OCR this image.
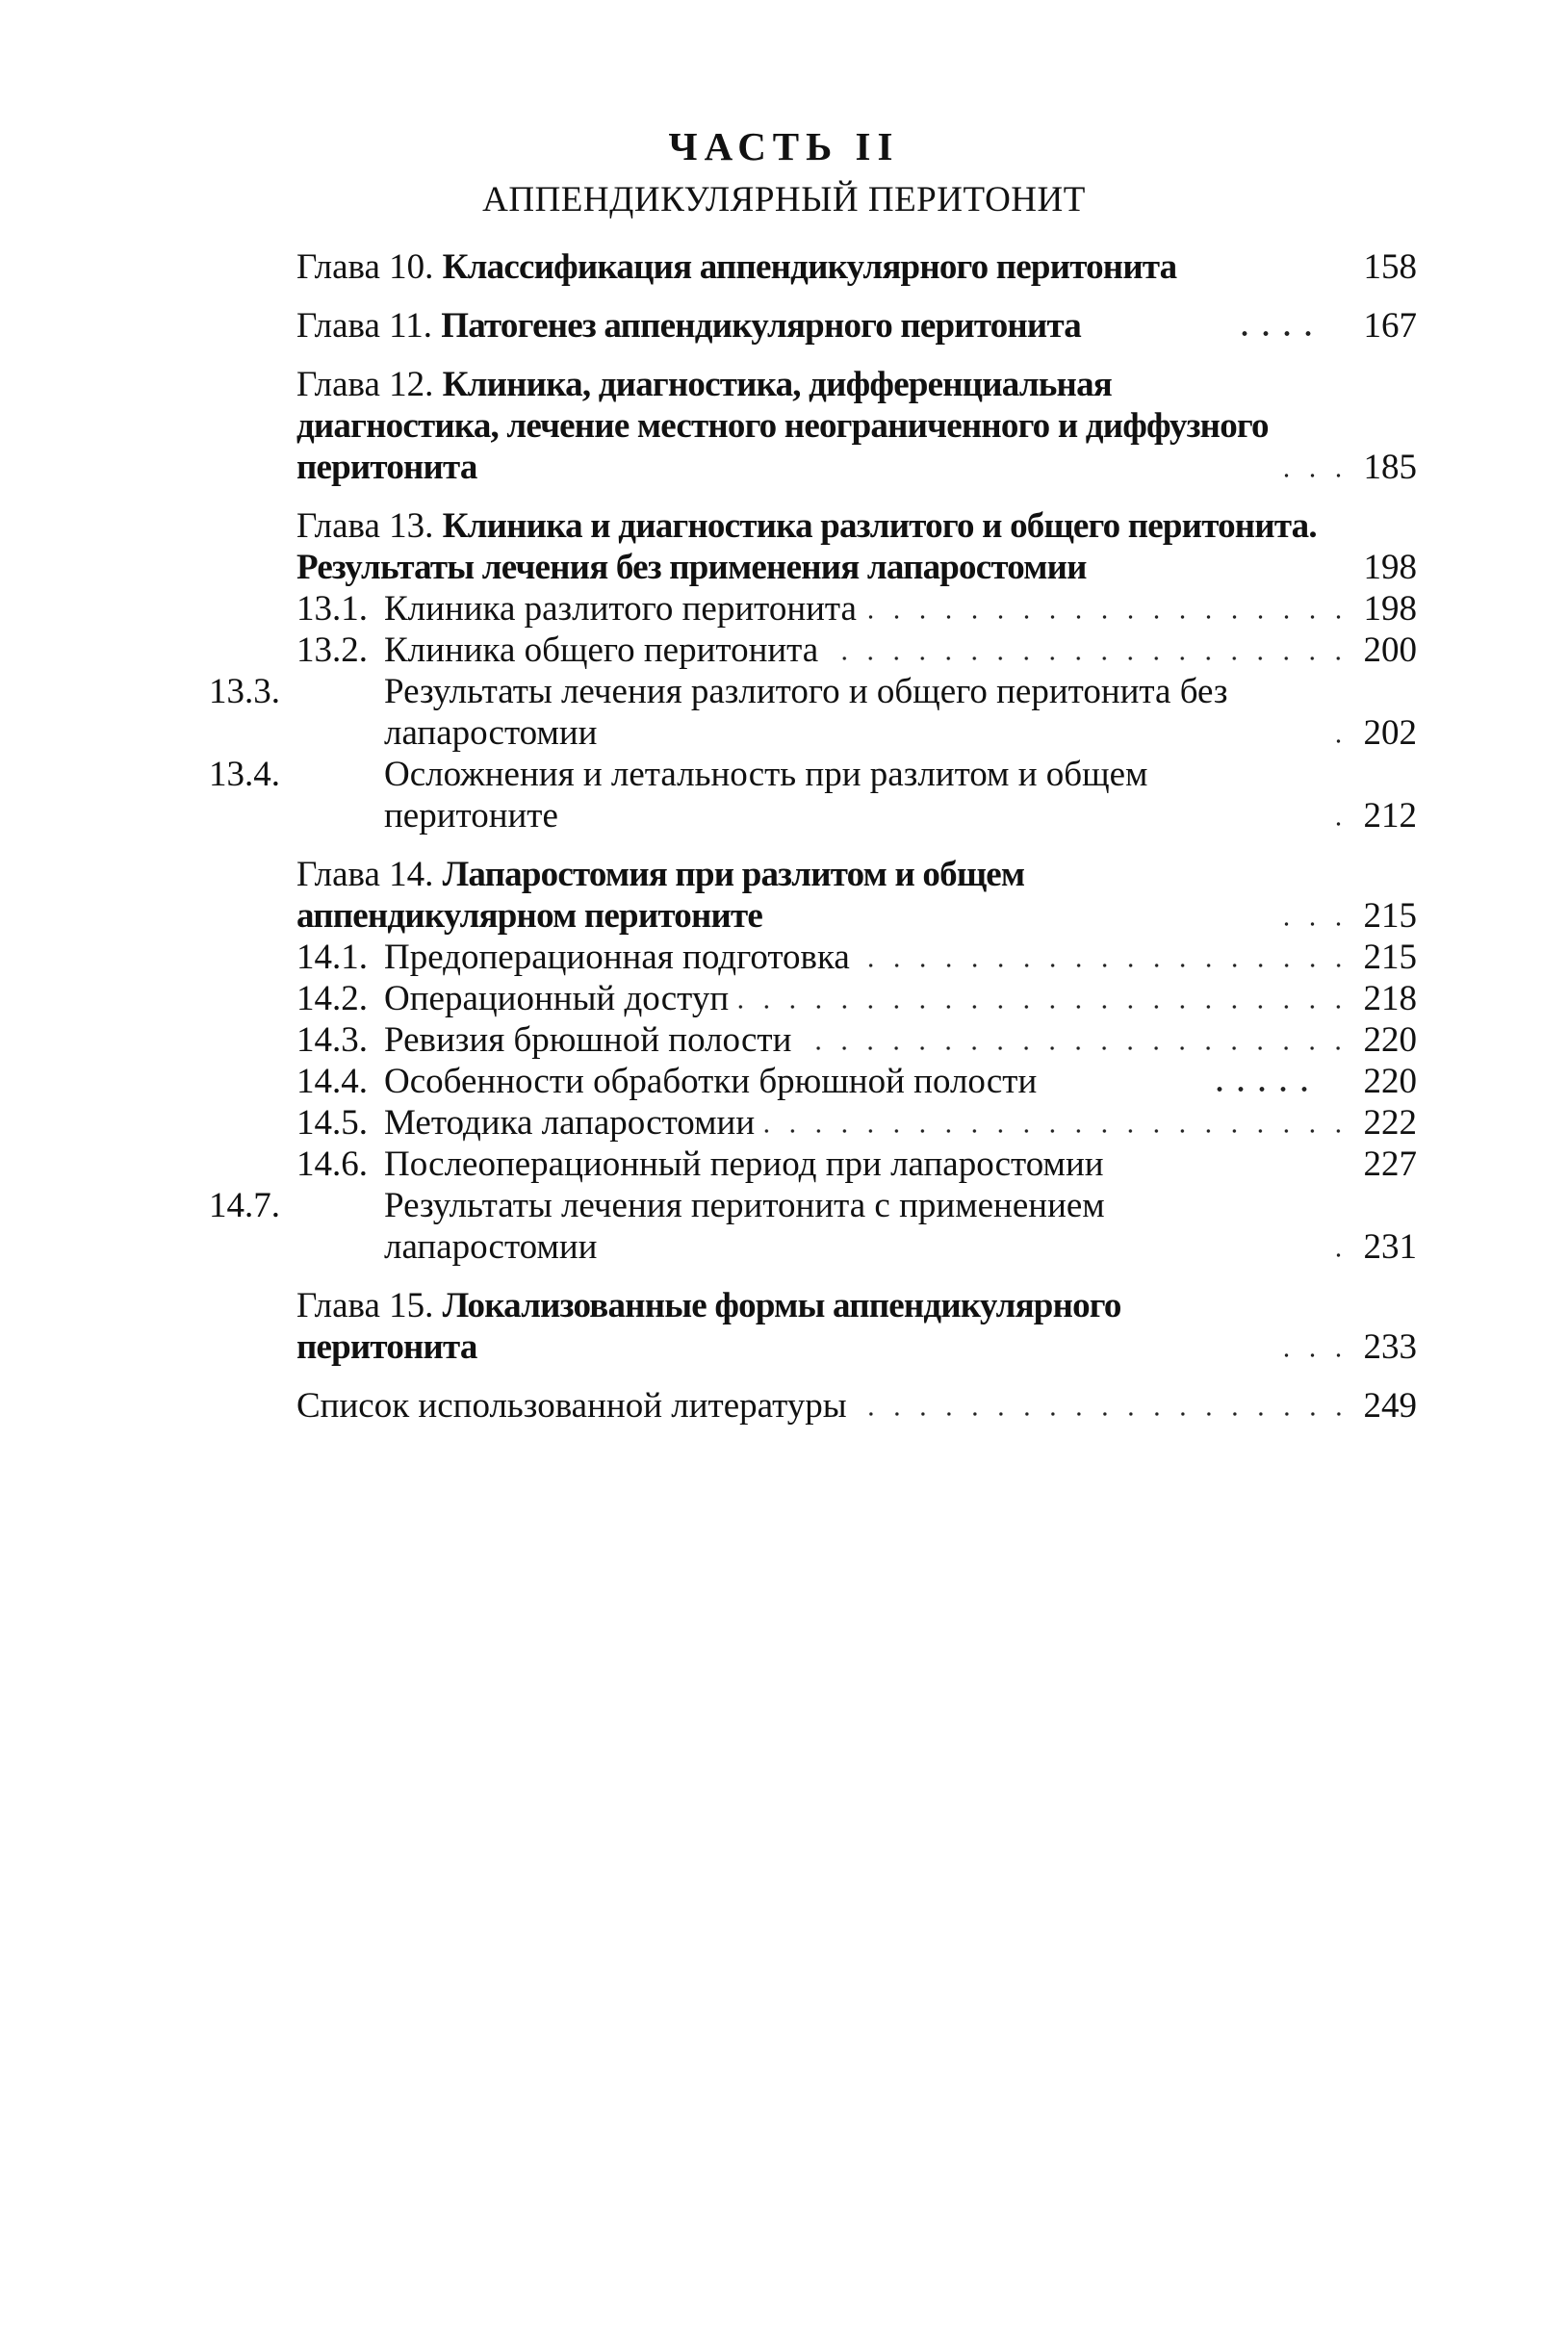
ЧАСТЬ II
АППЕНДИКУЛЯРНЫЙ ПЕРИТОНИТ
Глава 10. Классификация аппендикулярного перитонита	158
Глава 11. Патогенез аппендикулярного перитонита	167
Глава 12. Клиника, диагностика, дифференциальная диагностика, лечение местного неограниченного и диффузного перитонита	185
Глава 13. Клиника и диагностика разлитого и общего перитонита. Результаты лечения без применения лапаростомии	198
13.1. Клиника разлитого перитонита	198
13.2. Клиника общего перитонита	200
13.3.	Результаты лечения разлитого и общего перитонита без лапаростомии	202
13.4.	Осложнения и летальность при разлитом и общем перитоните	212
Глава 14. Лапаростомия при разлитом и общем аппендикулярном перитоните	215
14.1. Предоперационная подготовка	215
14.2. Операционный доступ	218
14.3. Ревизия брюшной полости	220
14.4. Особенности обработки брюшной полости	220
14.5. Методика лапаростомии	222
14.6. Послеоперационный период при лапаростомии	227
14.7.	Результаты лечения перитонита с применением лапаростомии	231
Глава 15. Локализованные формы аппендикулярного перитонита	233
Список использованной литературы	249
